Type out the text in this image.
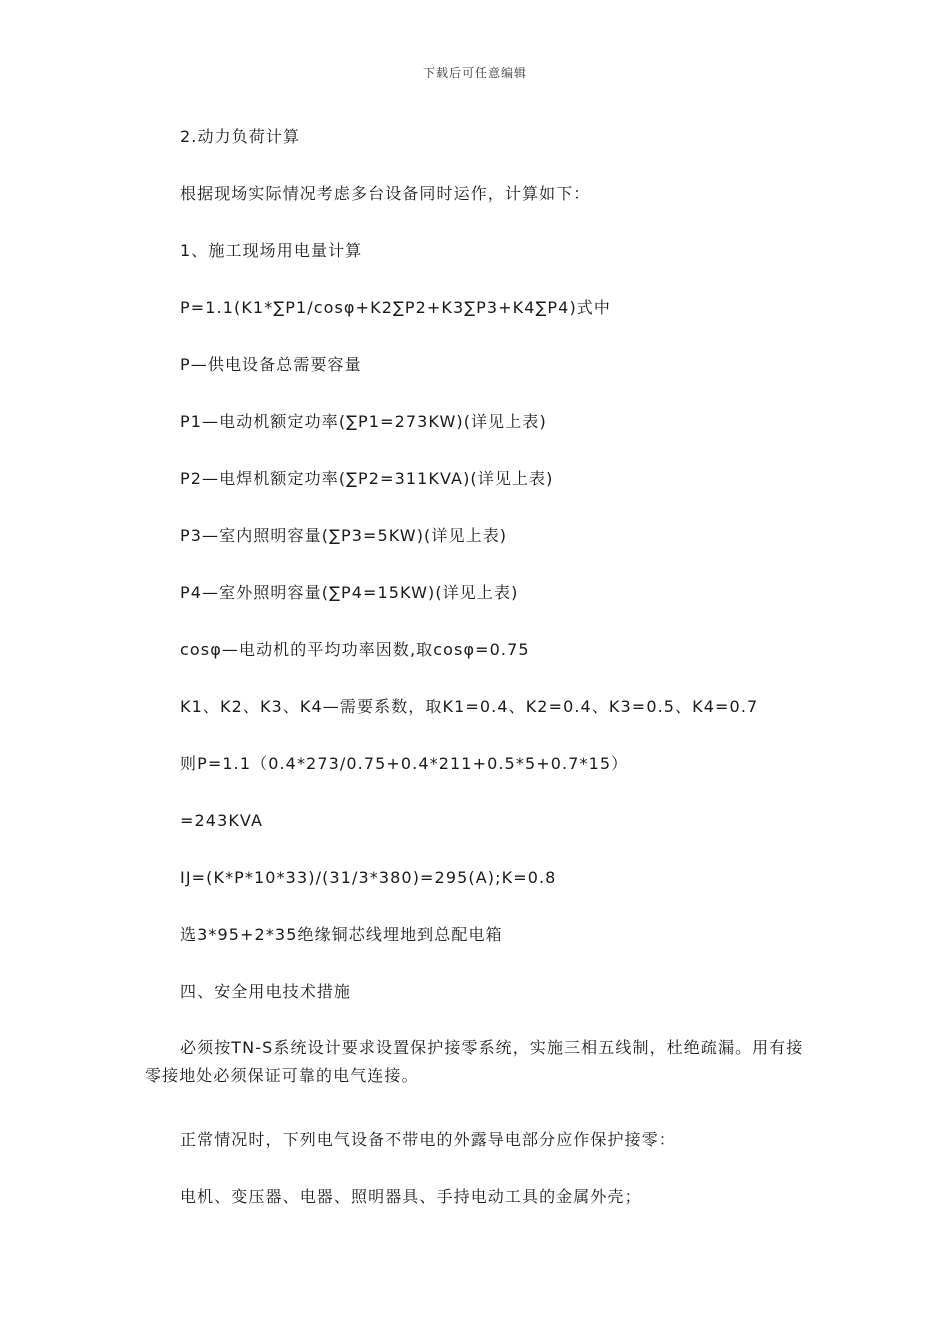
下载后可任意编辑
2.动力负荷计算
根据现场实际情况考虑多台设备同时运作，计算如下：
1、施工现场用电量计算
P=1.1(K1*∑P1/cosφ+K2∑P2+K3∑P3+K4∑P4)式中
P—供电设备总需要容量
P1—电动机额定功率(∑P1=273KW)(详见上表)
P2—电焊机额定功率(∑P2=311KVA)(详见上表)
P3—室内照明容量(∑P3=5KW)(详见上表)
P4—室外照明容量(∑P4=15KW)(详见上表)
cosφ—电动机的平均功率因数,取cosφ=0.75
K1、K2、K3、K4—需要系数，取K1=0.4、K2=0.4、K3=0.5、K4=0.7
则P=1.1（0.4*273/0.75+0.4*211+0.5*5+0.7*15）
=243KVA
IJ=(K*P*10*33)/(31/3*380)=295(A);K=0.8
选3*95+2*35绝缘铜芯线埋地到总配电箱
四、安全用电技术措施
必须按TN-S系统设计要求设置保护接零系统，实施三相五线制，杜绝疏漏。用有接零接地处必须保证可靠的电气连接。
正常情况时，下列电气设备不带电的外露导电部分应作保护接零：
电机、变压器、电器、照明器具、手持电动工具的金属外壳；
